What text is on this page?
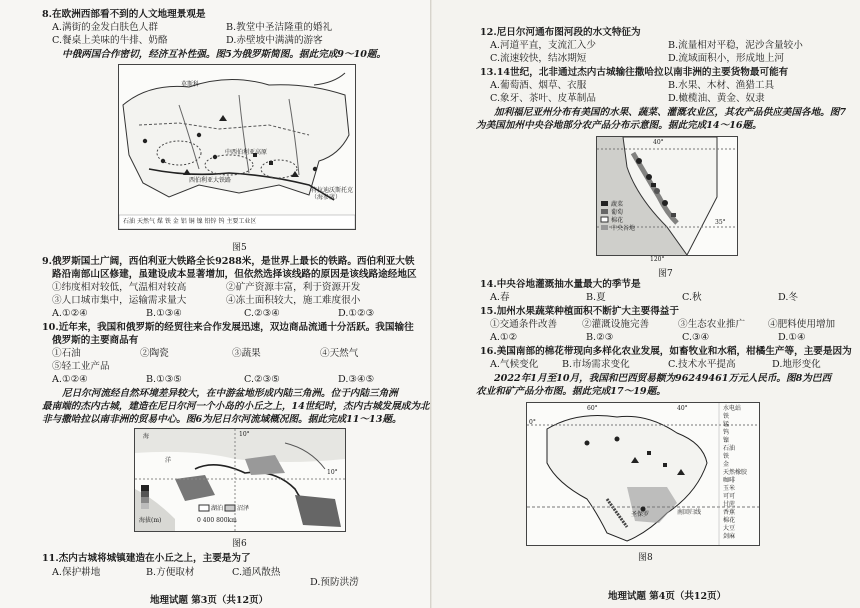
8.在欧洲西部看不到的人文地理景观是
A.满街的金发白肤色人群	B.教堂中圣洁隆重的婚礼
C.餐桌上美味的牛排、奶酪	D.赤壁坡中满满的游客
中俄两国合作密切，经济互补性强。图5为俄罗斯简图。据此完成9～10题。
莫斯科
西伯利亚大铁路
中西伯利亚高原
符拉迪沃斯托克（海参崴）
石油 天然气 煤 铁 金 铝 铜 镍 铅锌 钨 主要工业区
图5
9.俄罗斯国土广阔，西伯利亚大铁路全长9288米，是世界上最长的铁路。西伯利亚大铁
路沿南部山区修建，虽建设成本显著增加，但依然选择该线路的原因是该线路途经地区
①纬度相对较低，气温相对较高	②矿产资源丰富，利于资源开发
③人口城市集中，运输需求量大	④冻土面积较大，施工难度很小
A.①②④	B.①③④	C.②③④	D.①②③
10.近年来，我国和俄罗斯的经贸往来合作发展迅速，双边商品流通十分活跃。我国输往
俄罗斯的主要商品有
①石油	②陶瓷	③蔬果	④天然气
⑤轻工业产品
A.①②④	B.①③⑤	C.②③⑤	D.③④⑤
尼日尔河流经自然环境差异较大，在中游盆地形成内陆三角洲。位于内陆三角洲
最南端的杰内古城，建造在尼日尔河一个小岛的小丘之上，14世纪时，杰内古城发展成为北
非与撒哈拉以南非洲的贸易中心。图6为尼日尔河流域概况图。据此完成11～13题。
10°
10°
海
洋
湖泊 沼泽
0 400 800km
海拔(m)
图6
11.杰内古城将城镇建造在小丘之上，主要是为了
A.保护耕地	B.方便取材	C.通风散热
D.预防洪涝
地理试题 第3页（共12页）
12.尼日尔河通布图河段的水文特征为
A.河道平直，支流汇入少	B.流量相对平稳，泥沙含量较小
C.流速较快，结冰期短	D.流域面积小，形成地上河
13.14世纪，北非通过杰内古城输往撒哈拉以南非洲的主要货物最可能有
A.葡萄酒、烟草、衣服	B.水果、木材、渔猎工具
C.象牙、茶叶、皮革制品	D.橄榄油、黄金、奴隶
加利福尼亚州分布有美国的水果、蔬菜、灌溉农业区，其农产品供应美国各地。图7
为美国加州中央谷地部分农产品分布示意图。据此完成14～16题。
40°
35°
蔬菜
葡萄
棉花
中央谷地
120°
图7
14.中央谷地灌溉抽水量最大的季节是
A.春	B.夏	C.秋	D.冬
15.加州水果蔬菜种植面积不断扩大主要得益于
①交通条件改善	②灌溉设施完善	③生态农业推广 ④肥料使用增加
A.①②	B.②③	C.③④	D.①④
16.美国南部的棉花带现向多样化农业发展，如畜牧业和水稻，柑橘生产等，主要是因为
A.气候变化 B.市场需求变化	C.技术水平提高	D.地形变化
2022年1月至10月，我国和巴西贸易额为96249461万元人民币。图8为巴西
农业和矿产品分布图。据此完成17～19题。
60°	40°
0°
圣保罗	南回归线
水电站
铁
锰
钨
镍
石油
铁
金
天然橡胶
咖啡
玉米
可可
甘蔗
香蕉
棉花
大豆
剑麻
图8
地理试题 第4页（共12页）
